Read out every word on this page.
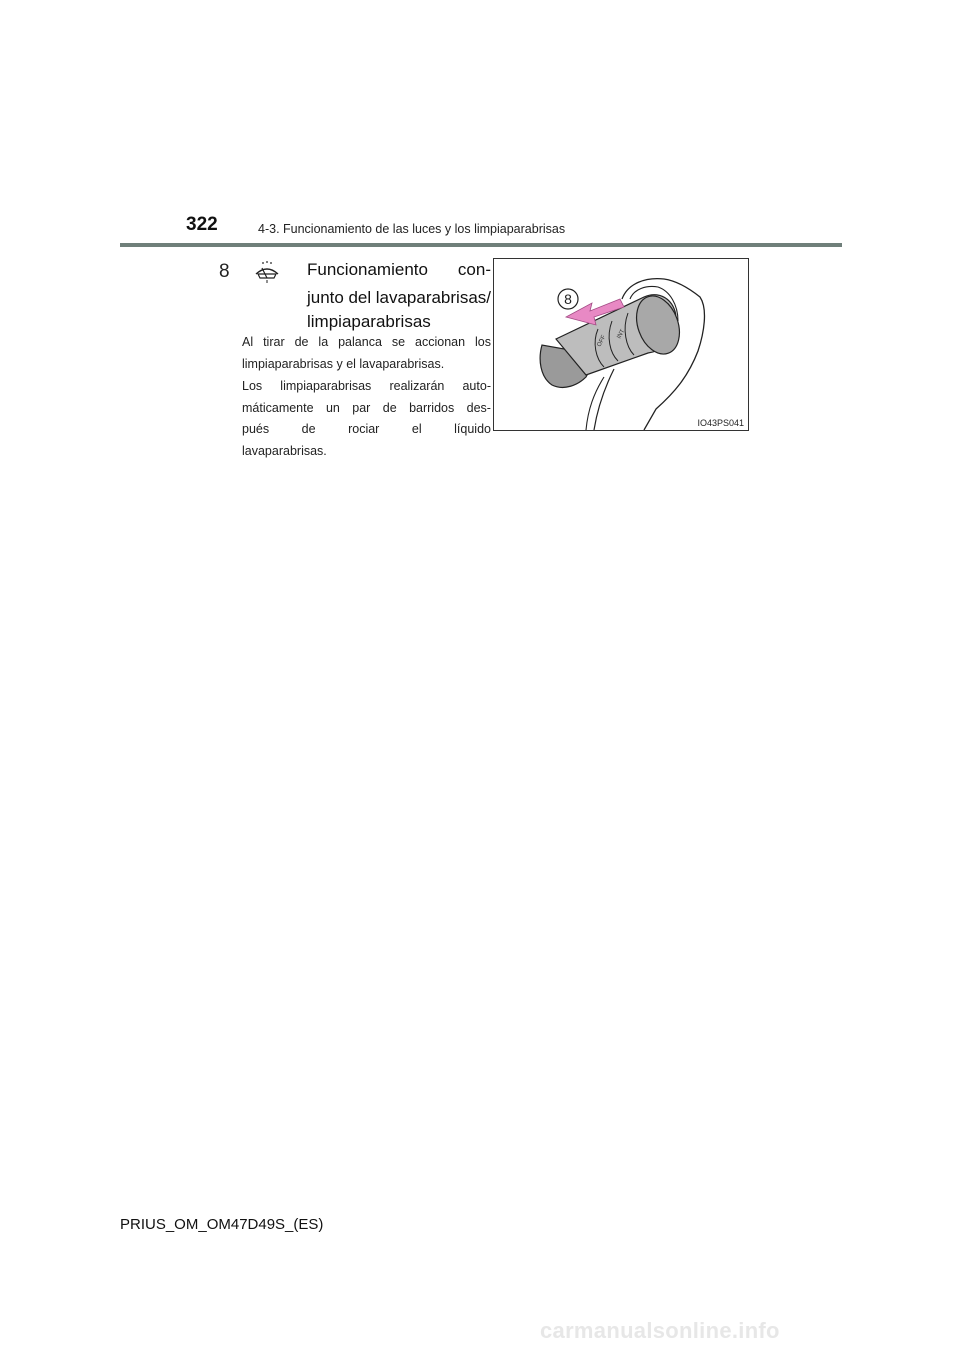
322	4-3. Funcionamiento de las luces y los limpiaparabrisas
8	Funcionamiento con-
junto del lavaparabrisas/
limpiaparabrisas
Al tirar de la palanca se accionan los
limpiaparabrisas y el lavaparabrisas.
Los limpiaparabrisas realizarán auto-
máticamente un par de barridos des-
pués	de	rociar	el	líquido
lavaparabrisas.
OFF
INT
8
IO43PS041
PRIUS_OM_OM47D49S_(ES)
carmanualsonline.info
